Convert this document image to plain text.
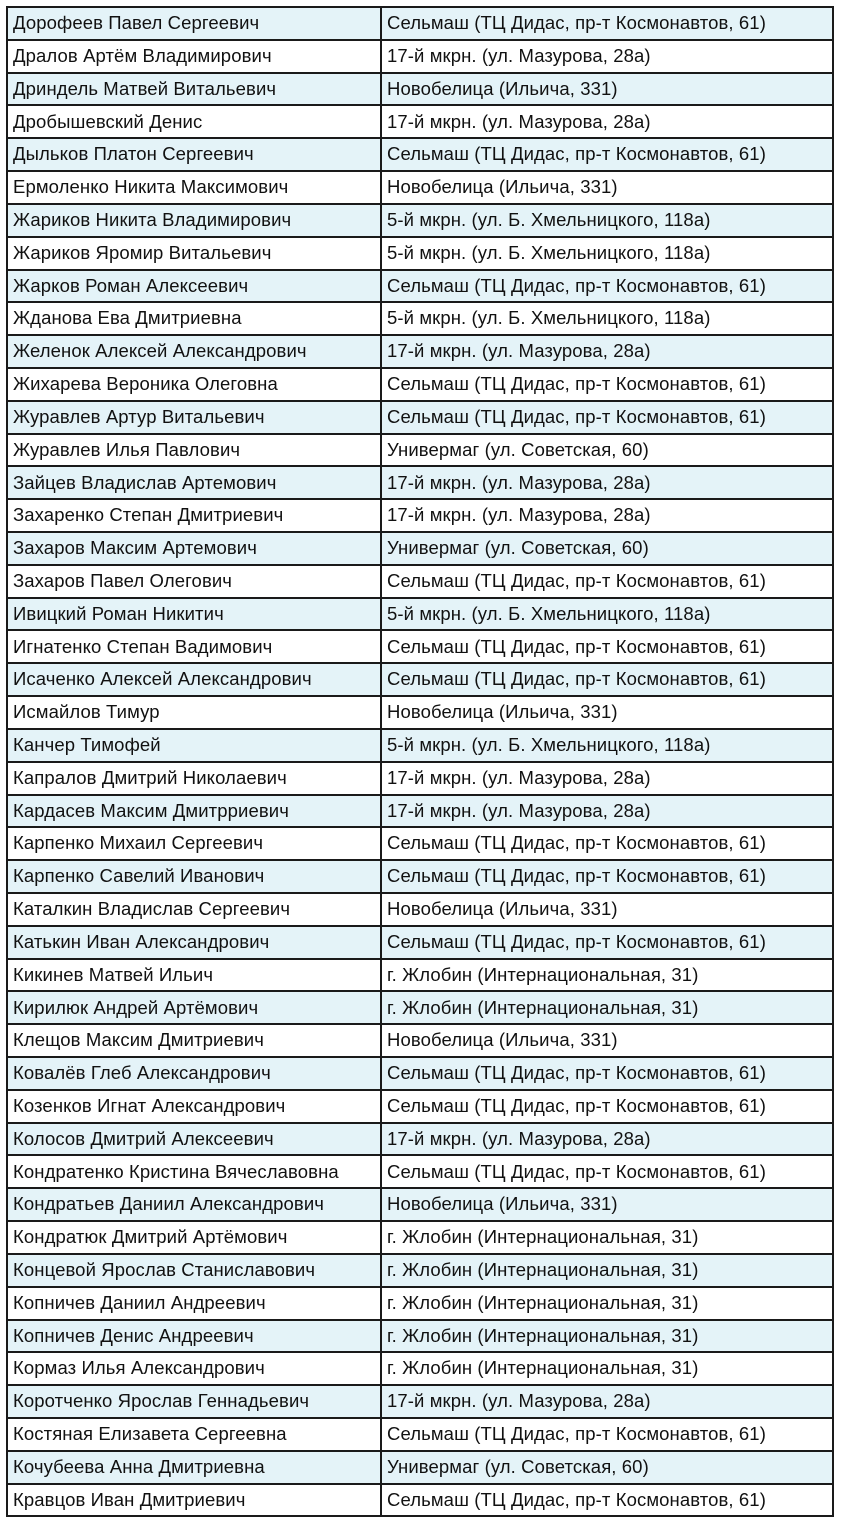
Дорофеев Павел Сергеевич	Сельмаш (ТЦ Дидас, пр-т Космонавтов, 61)
Дралов Артём Владимирович	17-й мкрн. (ул. Мазурова, 28а)
Дриндель Матвей Витальевич	Новобелица (Ильича, 331)
Дробышевский Денис	17-й мкрн. (ул. Мазурова, 28а)
Дыльков Платон Сергеевич	Сельмаш (ТЦ Дидас, пр-т Космонавтов, 61)
Ермоленко Никита Максимович	Новобелица (Ильича, 331)
Жариков Никита Владимирович	5-й мкрн. (ул. Б. Хмельницкого, 118а)
Жариков Яромир Витальевич	5-й мкрн. (ул. Б. Хмельницкого, 118а)
Жарков Роман Алексеевич	Сельмаш (ТЦ Дидас, пр-т Космонавтов, 61)
Жданова Ева Дмитриевна	5-й мкрн. (ул. Б. Хмельницкого, 118а)
Желенок Алексей Александрович	17-й мкрн. (ул. Мазурова, 28а)
Жихарева Вероника Олеговна	Сельмаш (ТЦ Дидас, пр-т Космонавтов, 61)
Журавлев Артур Витальевич	Сельмаш (ТЦ Дидас, пр-т Космонавтов, 61)
Журавлев Илья Павлович	Универмаг (ул. Советская, 60)
Зайцев Владислав Артемович	17-й мкрн. (ул. Мазурова, 28а)
Захаренко Степан Дмитриевич	17-й мкрн. (ул. Мазурова, 28а)
Захаров Максим Артемович	Универмаг (ул. Советская, 60)
Захаров Павел Олегович	Сельмаш (ТЦ Дидас, пр-т Космонавтов, 61)
Ивицкий Роман Никитич	5-й мкрн. (ул. Б. Хмельницкого, 118а)
Игнатенко Степан Вадимович	Сельмаш (ТЦ Дидас, пр-т Космонавтов, 61)
Исаченко Алексей Александрович	Сельмаш (ТЦ Дидас, пр-т Космонавтов, 61)
Исмайлов Тимур	Новобелица (Ильича, 331)
Канчер Тимофей	5-й мкрн. (ул. Б. Хмельницкого, 118а)
Капралов Дмитрий Николаевич	17-й мкрн. (ул. Мазурова, 28а)
Кардасев Максим Дмитрриевич	17-й мкрн. (ул. Мазурова, 28а)
Карпенко Михаил Сергеевич	Сельмаш (ТЦ Дидас, пр-т Космонавтов, 61)
Карпенко Савелий Иванович	Сельмаш (ТЦ Дидас, пр-т Космонавтов, 61)
Каталкин Владислав Сергеевич	Новобелица (Ильича, 331)
Катькин Иван Александрович	Сельмаш (ТЦ Дидас, пр-т Космонавтов, 61)
Кикинев Матвей Ильич	г. Жлобин (Интернациональная, 31)
Кирилюк Андрей Артёмович	г. Жлобин (Интернациональная, 31)
Клещов Максим Дмитриевич	Новобелица (Ильича, 331)
Ковалёв Глеб Александрович	Сельмаш (ТЦ Дидас, пр-т Космонавтов, 61)
Козенков Игнат Александрович	Сельмаш (ТЦ Дидас, пр-т Космонавтов, 61)
Колосов Дмитрий Алексеевич	17-й мкрн. (ул. Мазурова, 28а)
Кондратенко Кристина Вячеславовна	Сельмаш (ТЦ Дидас, пр-т Космонавтов, 61)
Кондратьев Даниил Александрович	Новобелица (Ильича, 331)
Кондратюк Дмитрий Артёмович	г. Жлобин (Интернациональная, 31)
Концевой Ярослав Станиславович	г. Жлобин (Интернациональная, 31)
Копничев Даниил Андреевич	г. Жлобин (Интернациональная, 31)
Копничев Денис Андреевич	г. Жлобин (Интернациональная, 31)
Кормаз Илья Александрович	г. Жлобин (Интернациональная, 31)
Коротченко Ярослав Геннадьевич	17-й мкрн. (ул. Мазурова, 28а)
Костяная Елизавета Сергеевна	Сельмаш (ТЦ Дидас, пр-т Космонавтов, 61)
Кочубеева Анна Дмитриевна	Универмаг (ул. Советская, 60)
Кравцов Иван Дмитриевич	Сельмаш (ТЦ Дидас, пр-т Космонавтов, 61)
